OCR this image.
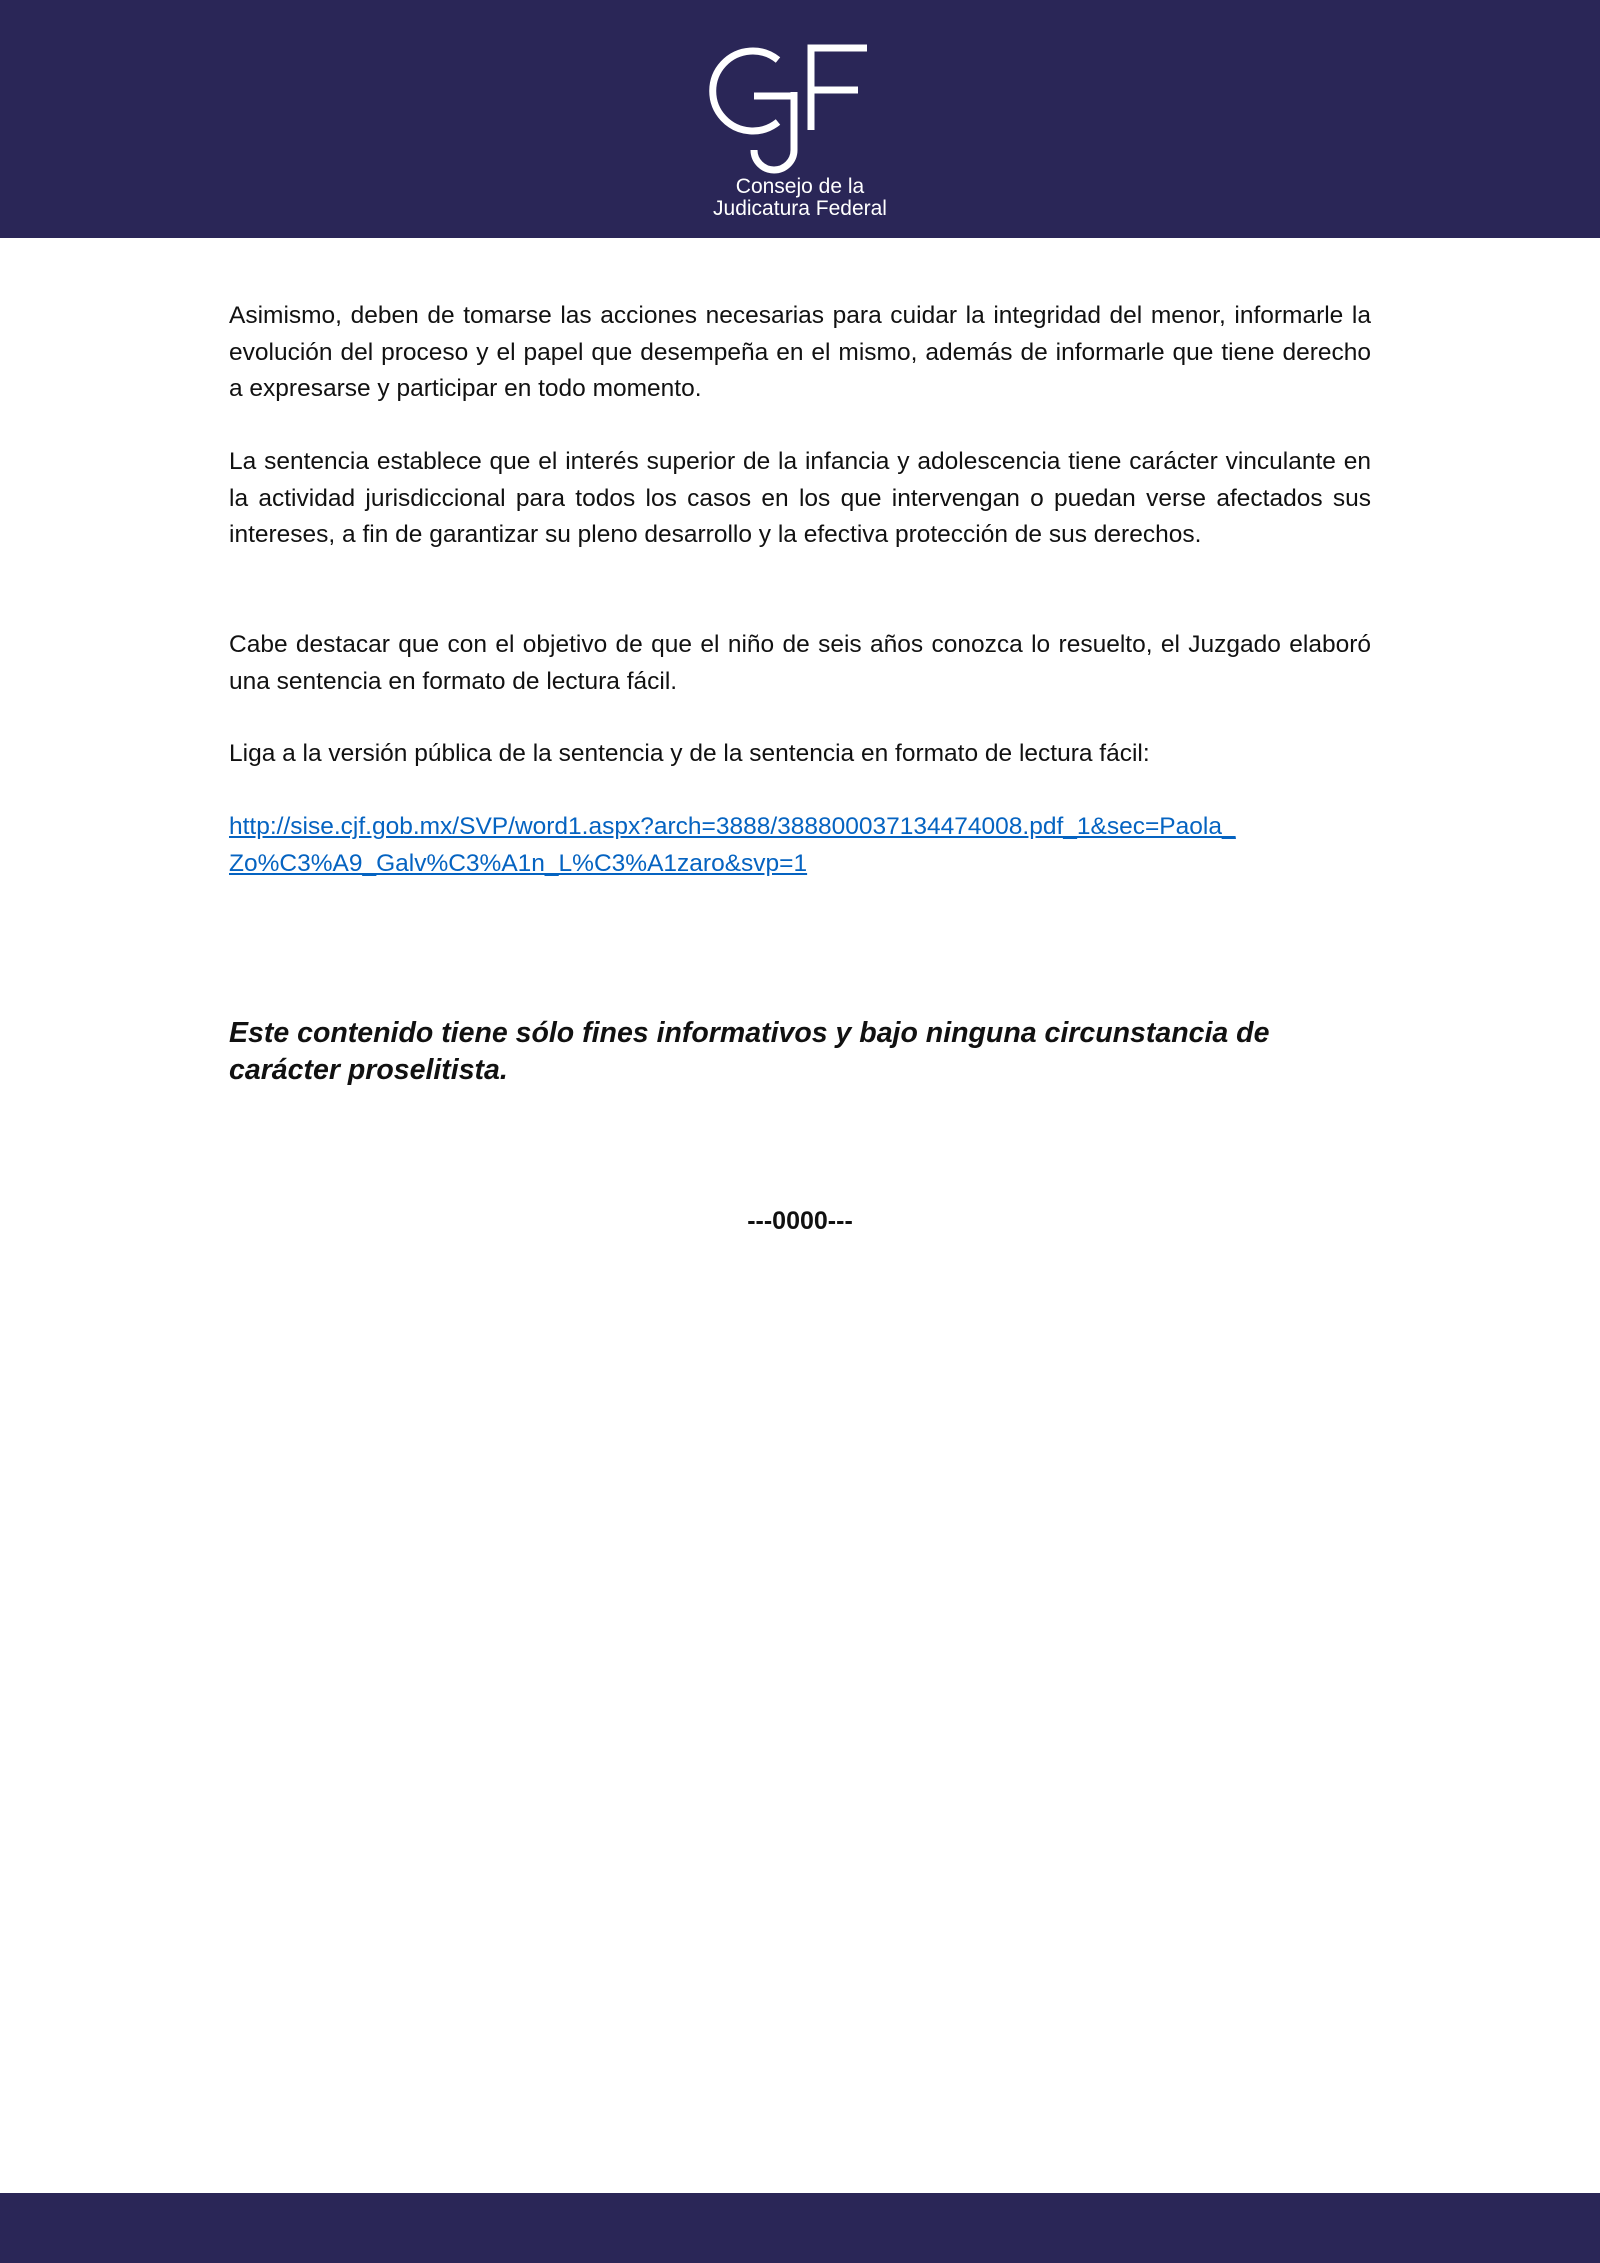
Consejo de la
Judicatura Federal

Asimismo, deben de tomarse las acciones necesarias para cuidar la integridad del menor, informarle la evolución del proceso y el papel que desempeña en el mismo, además de informarle que tiene derecho a expresarse y participar en todo momento.

La sentencia establece que el interés superior de la infancia y adolescencia tiene carácter vinculante en la actividad jurisdiccional para todos los casos en los que intervengan o puedan verse afectados sus intereses, a fin de garantizar su pleno desarrollo y la efectiva protección de sus derechos.

Cabe destacar que con el objetivo de que el niño de seis años conozca lo resuelto, el Juzgado elaboró una sentencia en formato de lectura fácil.

Liga a la versión pública de la sentencia y de la sentencia en formato de lectura fácil:

http://sise.cjf.gob.mx/SVP/word1.aspx?arch=3888/388800037134474008.pdf_1&sec=Paola_
Zo%C3%A9_Galv%C3%A1n_L%C3%A1zaro&svp=1
Este contenido tiene sólo fines informativos y bajo ninguna circunstancia de carácter proselitista.
---0000---
